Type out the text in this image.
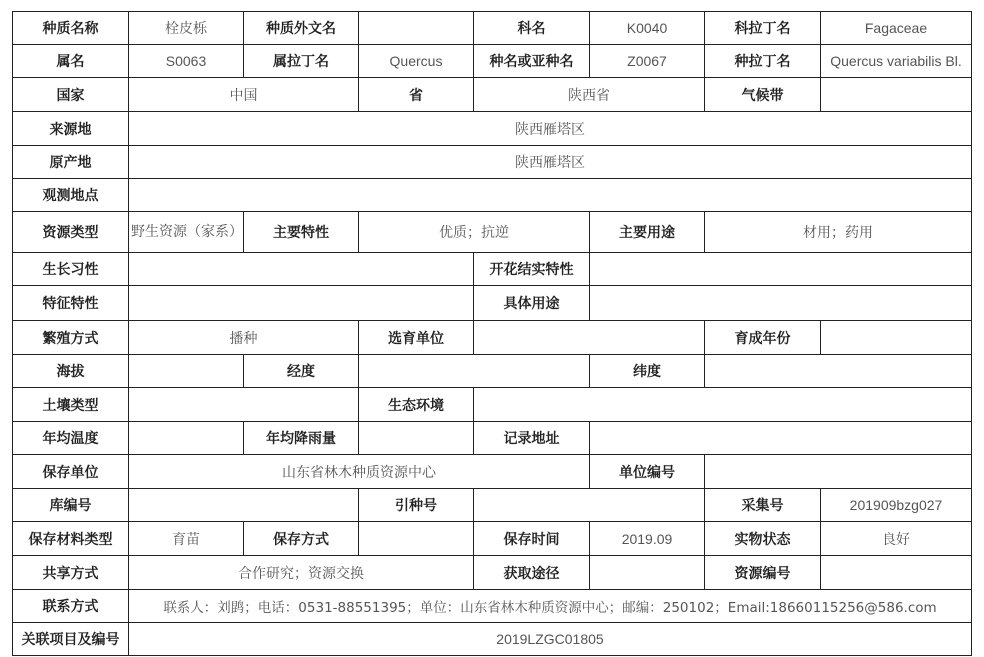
种质名称	栓皮栎	种质外文名		科名	K0040	科拉丁名	Fagaceae
属名	S0063	属拉丁名	Quercus	种名或亚种名	Z0067	种拉丁名	Quercus variabilis Bl.
国家	中国		省	陕西省		气候带	
来源地	陕西雁塔区						
原产地	陕西雁塔区						
观测地点							
资源类型	野生资源（家系）	主要特性	优质；抗逆		主要用途	材用；药用	
生长习性				开花结实特性			
特征特性				具体用途			
繁殖方式	播种		选育单位			育成年份	
海拔		经度			纬度		
土壤类型			生态环境				
年均温度		年均降雨量		记录地址			
保存单位	山东省林木种质资源中心				单位编号		
库编号			引种号			采集号	201909bzg027
保存材料类型	育苗	保存方式		保存时间	2019.09	实物状态	良好
共享方式	合作研究；资源交换			获取途径		资源编号	
联系方式	联系人：刘鹍；电话：0531-88551395；单位：山东省林木种质资源中心；邮编：250102；Email:18660115256@586.com						
关联项目及编号	2019LZGC01805						
